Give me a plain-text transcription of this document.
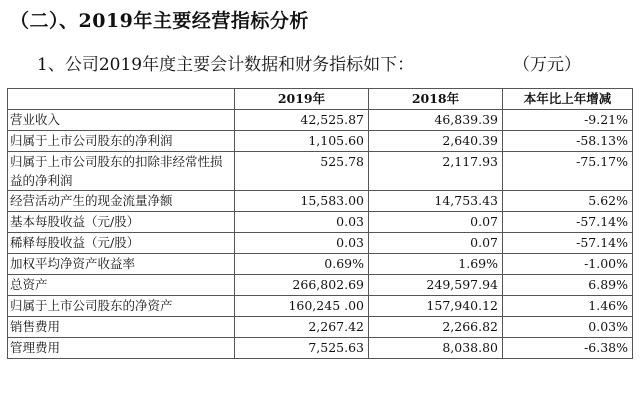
（二）、2019年主要经营指标分析
1、公司2019年度主要会计数据和财务指标如下：	（万元）
	2019年	2018年	本年比上年增减
营业收入	42,525.87	46,839.39	-9.21%
归属于上市公司股东的净利润	1,105.60	2,640.39	-58.13%
归属于上市公司股东的扣除非经常性损益的净利润	525.78	2,117.93	-75.17%
经营活动产生的现金流量净额	15,583.00	14,753.43	5.62%
基本每股收益（元/股）	0.03	0.07	-57.14%
稀释每股收益（元/股）	0.03	0.07	-57.14%
加权平均净资产收益率	0.69%	1.69%	-1.00%
总资产	266,802.69	249,597.94	6.89%
归属于上市公司股东的净资产	160,245 .00	157,940.12	1.46%
销售费用	2,267.42	2,266.82	0.03%
管理费用	7,525.63	8,038.80	-6.38%
